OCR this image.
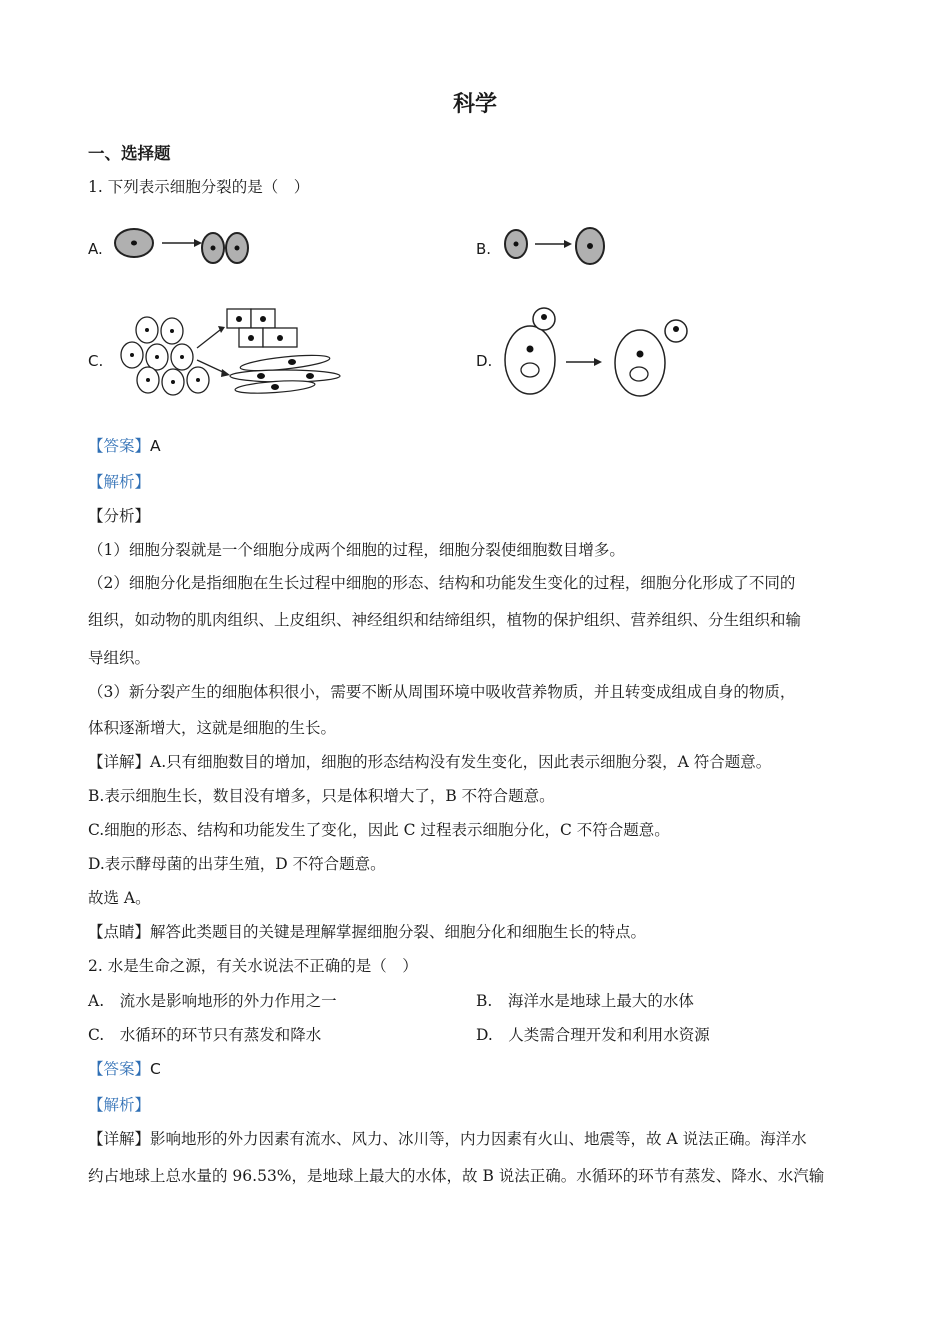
科学
一、选择题
1. 下列表示细胞分裂的是（　）
A.	B.
C.	D.
【答案】A
【解析】
【分析】
（1）细胞分裂就是一个细胞分成两个细胞的过程，细胞分裂使细胞数目增多。
（2）细胞分化是指细胞在生长过程中细胞的形态、结构和功能发生变化的过程，细胞分化形成了不同的
组织，如动物的肌肉组织、上皮组织、神经组织和结缔组织，植物的保护组织、营养组织、分生组织和输
导组织。
（3）新分裂产生的细胞体积很小，需要不断从周围环境中吸收营养物质，并且转变成组成自身的物质，
体积逐渐增大，这就是细胞的生长。
【详解】A.只有细胞数目的增加，细胞的形态结构没有发生变化，因此表示细胞分裂，A 符合题意。
B.表示细胞生长，数目没有增多，只是体积增大了，B 不符合题意。
C.细胞的形态、结构和功能发生了变化，因此 C 过程表示细胞分化，C 不符合题意。
D.表示酵母菌的出芽生殖，D 不符合题意。
故选 A。
【点睛】解答此类题目的关键是理解掌握细胞分裂、细胞分化和细胞生长的特点。
2. 水是生命之源，有关水说法不正确的是（　）
A.　流水是影响地形的外力作用之一	B.　海洋水是地球上最大的水体
C.　水循环的环节只有蒸发和降水	D.　人类需合理开发和利用水资源
【答案】C
【解析】
【详解】影响地形的外力因素有流水、风力、冰川等，内力因素有火山、地震等，故 A 说法正确。海洋水
约占地球上总水量的 96.53%，是地球上最大的水体，故 B 说法正确。水循环的环节有蒸发、降水、水汽输
